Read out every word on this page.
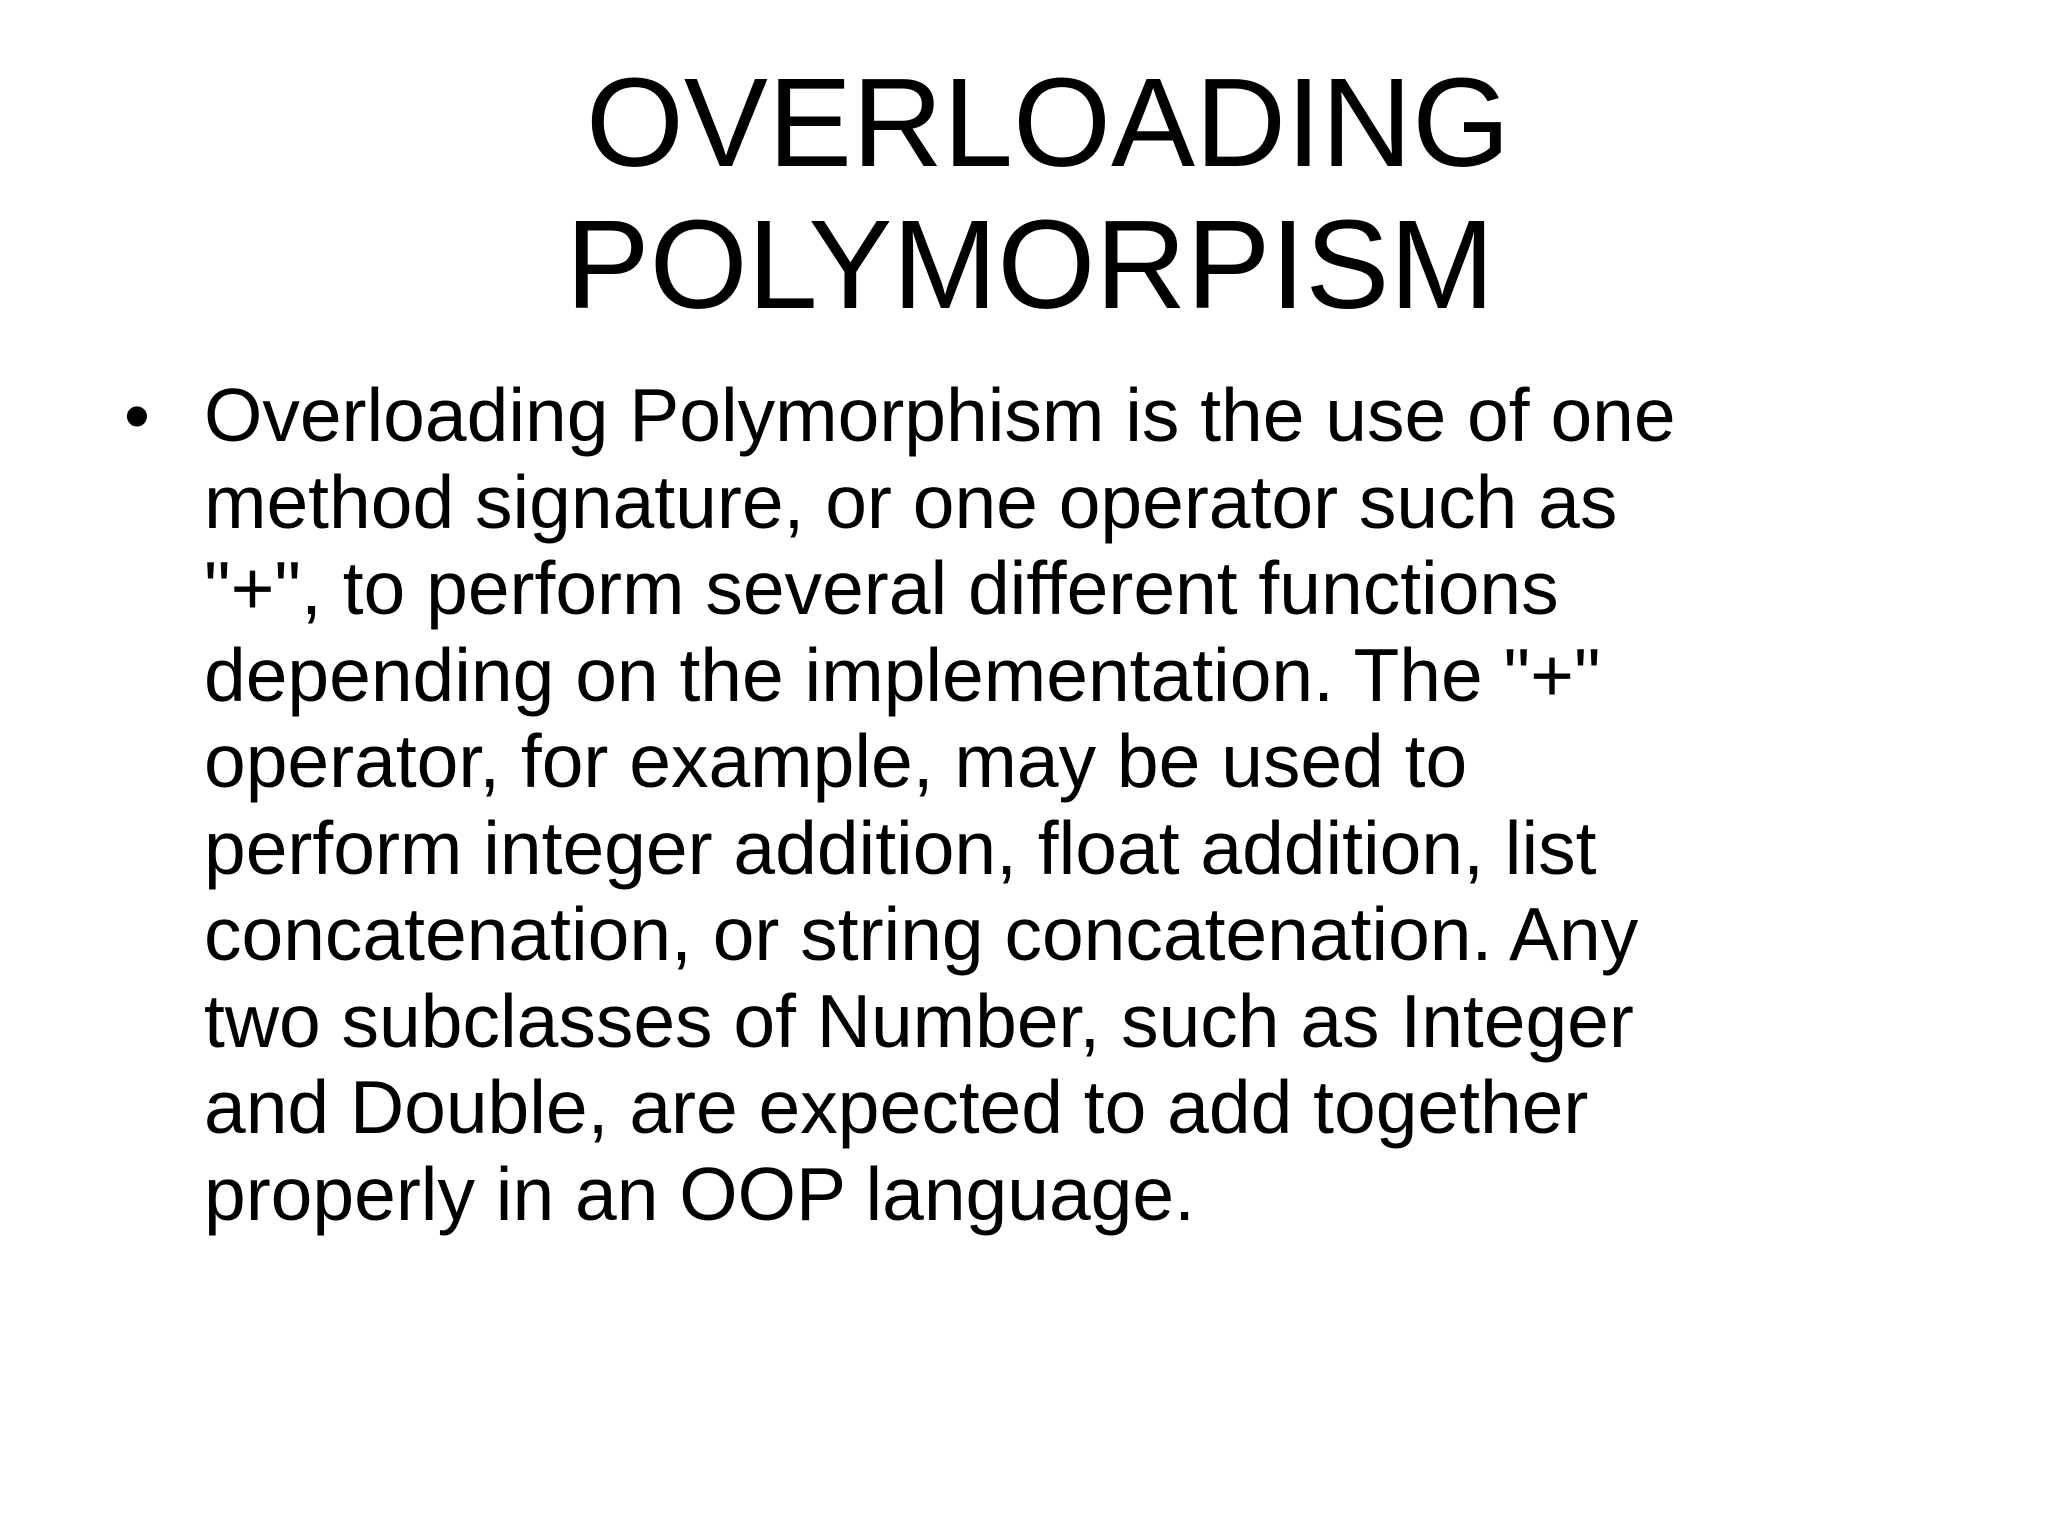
OVERLOADING
POLYMORPISM
• Overloading Polymorphism is the use of one
method signature, or one operator such as
"+", to perform several different functions
depending on the implementation. The "+"
operator, for example, may be used to
perform integer addition, float addition, list
concatenation, or string concatenation. Any
two subclasses of Number, such as Integer
and Double, are expected to add together
properly in an OOP language.
